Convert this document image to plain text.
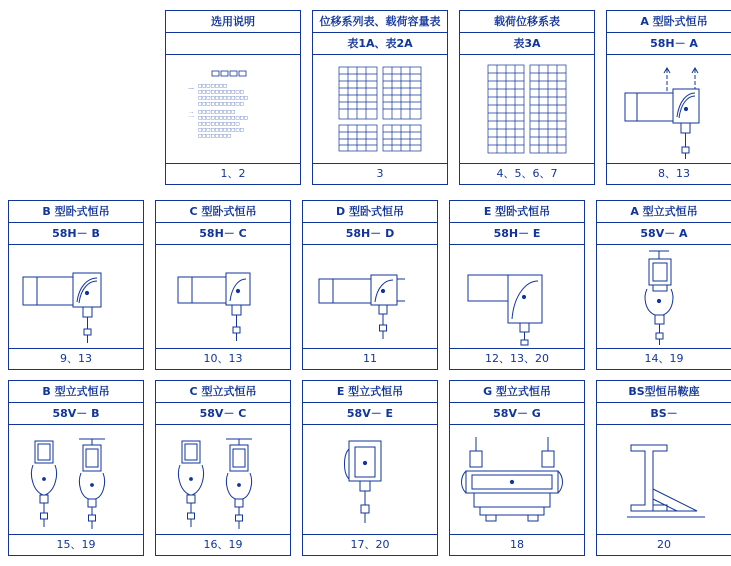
选用说明

一 □□□□□□□
□□□□□□□□□□□
□□□□□□□□□□□□
□□□□□□□□□□□
二 □□□□□□□□□
□□□□□□□□□□□□
□□□□□□□□□□
□□□□□□□□□□□
□□□□□□□□
1、2
位移系列表、载荷容量表
表1A、表2A
3
载荷位移系表
表3A
4、5、6、7
A 型卧式恒吊
58H－ A
8、13
B 型卧式恒吊
58H－ B
9、13
C 型卧式恒吊
58H－ C
10、13
D 型卧式恒吊
58H－ D
11
E 型卧式恒吊
58H－ E
12、13、20
A 型立式恒吊
58V－ A
14、19
B 型立式恒吊
58V－ B
15、19
C 型立式恒吊
58V－ C
16、19
E 型立式恒吊
58V－ E
17、20
G 型立式恒吊
58V－ G
18
BS型恒吊鞍座
BS－
20
